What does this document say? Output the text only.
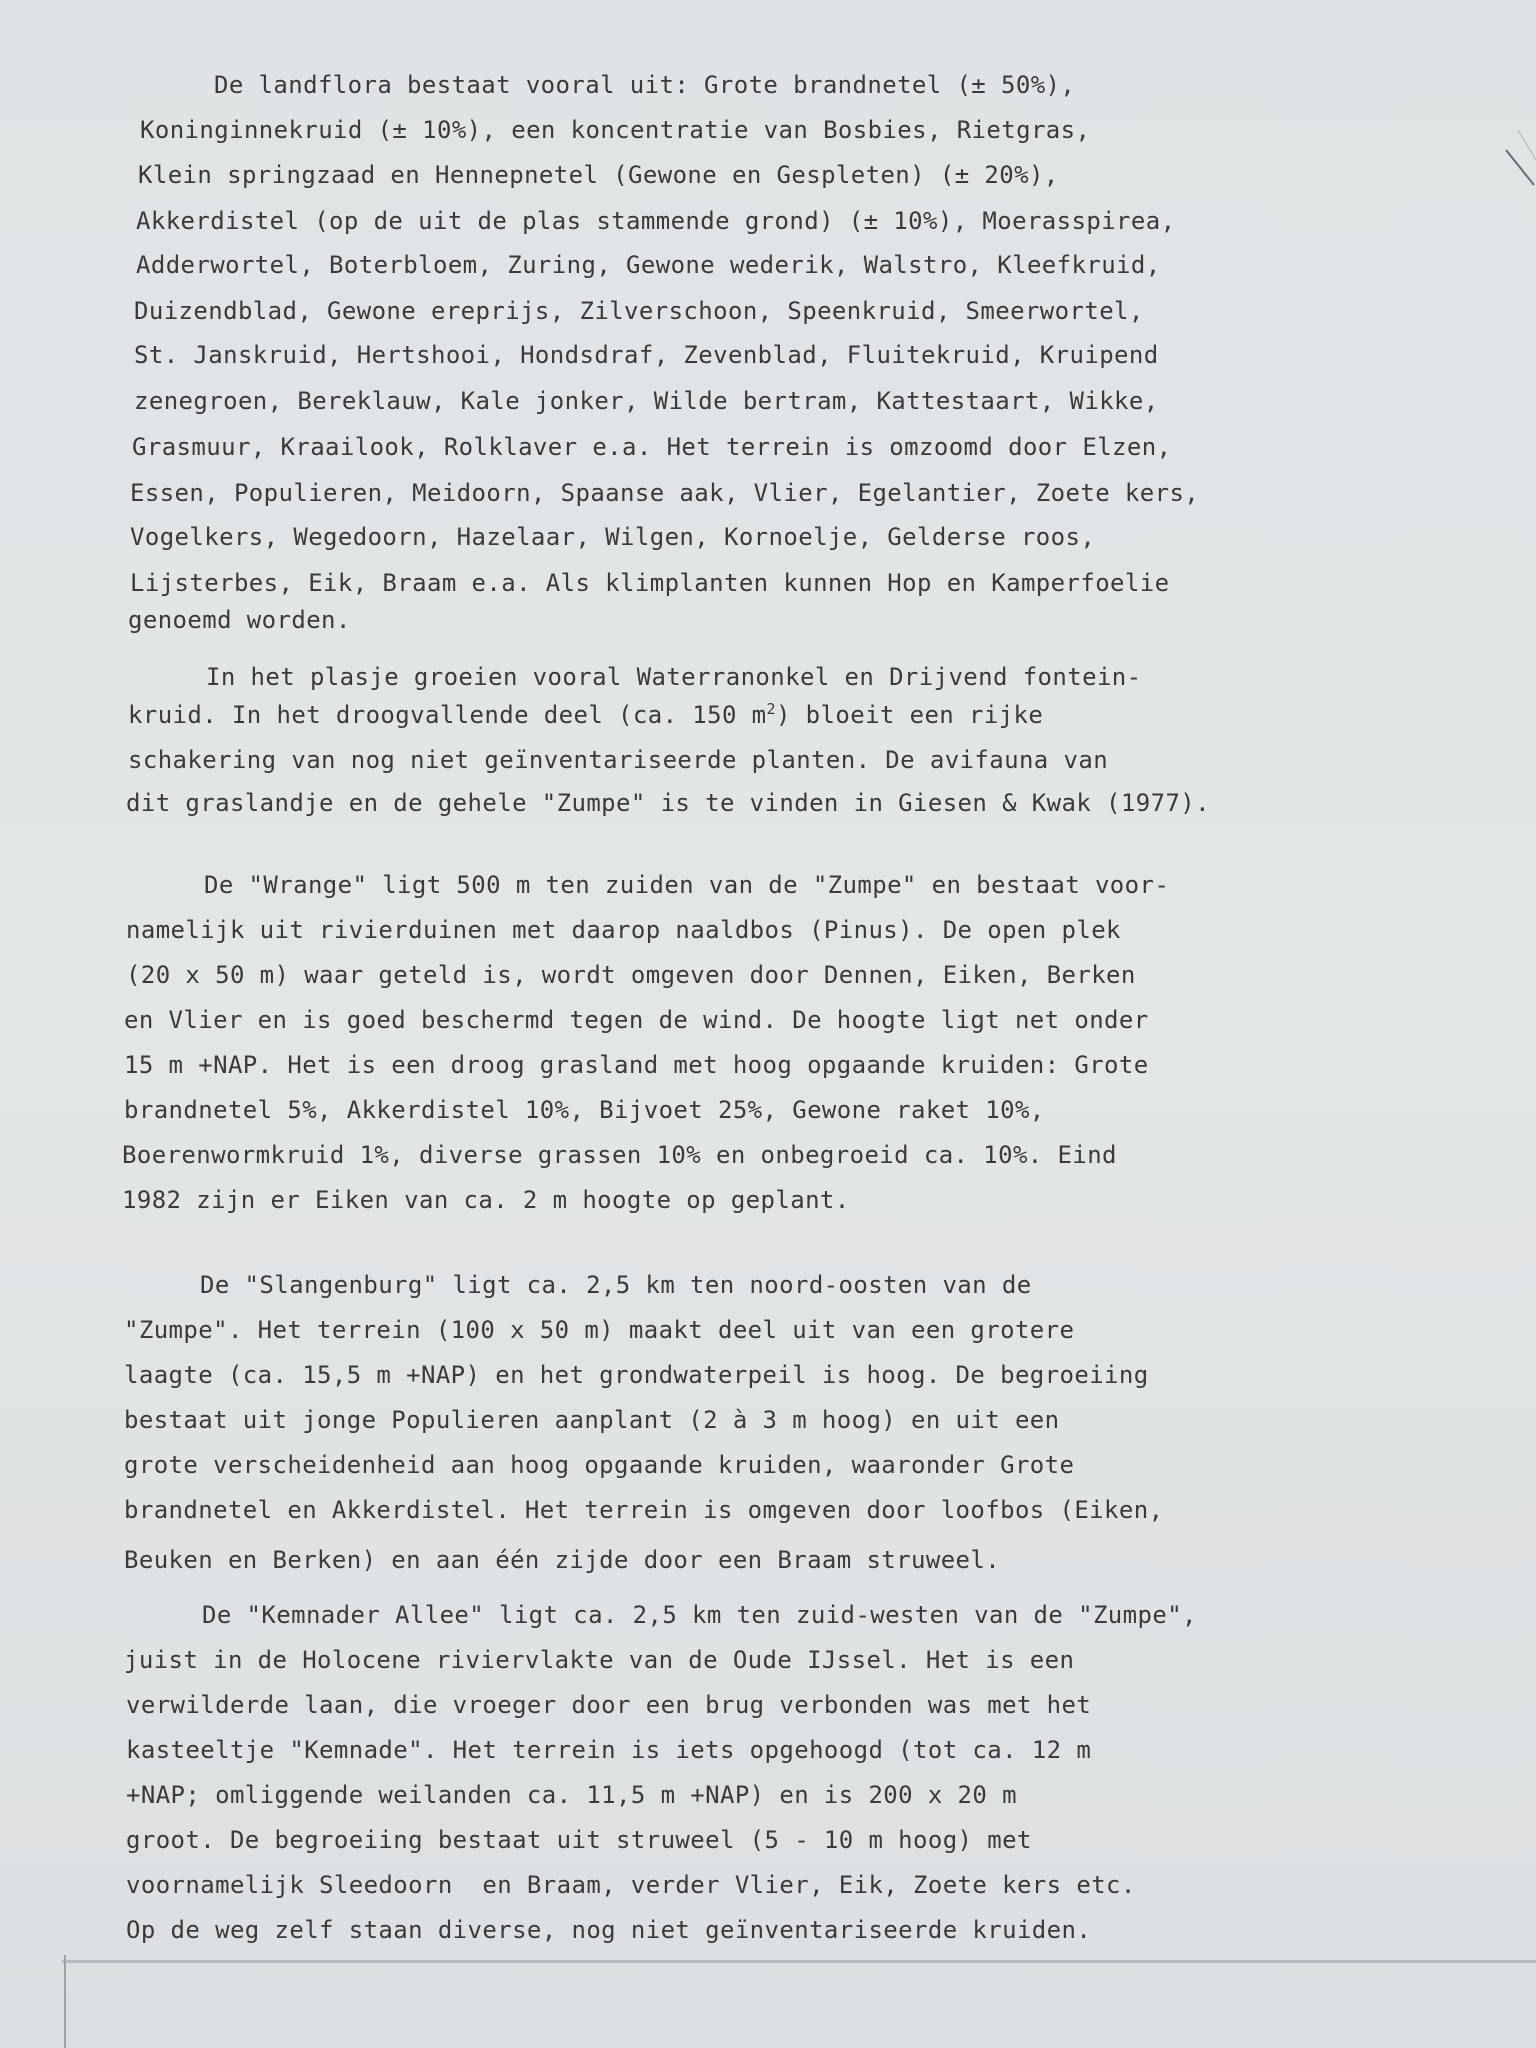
De landflora bestaat vooral uit: Grote brandnetel (± 50%),
Koninginnekruid (± 10%), een koncentratie van Bosbies, Rietgras,
Klein springzaad en Hennepnetel (Gewone en Gespleten) (± 20%),
Akkerdistel (op de uit de plas stammende grond) (± 10%), Moerasspirea,
Adderwortel, Boterbloem, Zuring, Gewone wederik, Walstro, Kleefkruid,
Duizendblad, Gewone ereprijs, Zilverschoon, Speenkruid, Smeerwortel,
St. Janskruid, Hertshooi, Hondsdraf, Zevenblad, Fluitekruid, Kruipend
zenegroen, Bereklauw, Kale jonker, Wilde bertram, Kattestaart, Wikke,
Grasmuur, Kraailook, Rolklaver e.a. Het terrein is omzoomd door Elzen,
Essen, Populieren, Meidoorn, Spaanse aak, Vlier, Egelantier, Zoete kers,
Vogelkers, Wegedoorn, Hazelaar, Wilgen, Kornoelje, Gelderse roos,
Lijsterbes, Eik, Braam e.a. Als klimplanten kunnen Hop en Kamperfoelie
genoemd worden.
In het plasje groeien vooral Waterranonkel en Drijvend fontein-
kruid. In het droogvallende deel (ca. 150 $m^2$) bloeit een rijke
schakering van nog niet geïnventariseerde planten. De avifauna van
dit graslandje en de gehele "Zumpe" is te vinden in Giesen & Kwak (1977).
De "Wrange" ligt 500 m ten zuiden van de "Zumpe" en bestaat voor-
namelijk uit rivierduinen met daarop naaldbos (Pinus). De open plek
(20 x 50 m) waar geteld is, wordt omgeven door Dennen, Eiken, Berken
en Vlier en is goed beschermd tegen de wind. De hoogte ligt net onder
15 m +NAP. Het is een droog grasland met hoog opgaande kruiden: Grote
brandnetel 5%, Akkerdistel 10%, Bijvoet 25%, Gewone raket 10%,
Boerenwormkruid 1%, diverse grassen 10% en onbegroeid ca. 10%. Eind
1982 zijn er Eiken van ca. 2 m hoogte op geplant.
De "Slangenburg" ligt ca. 2,5 km ten noord-oosten van de
"Zumpe". Het terrein (100 x 50 m) maakt deel uit van een grotere
laagte (ca. 15,5 m +NAP) en het grondwaterpeil is hoog. De begroeiing
bestaat uit jonge Populieren aanplant (2 à 3 m hoog) en uit een
grote verscheidenheid aan hoog opgaande kruiden, waaronder Grote
brandnetel en Akkerdistel. Het terrein is omgeven door loofbos (Eiken,
Beuken en Berken) en aan één zijde door een Braam struweel.
De "Kemnader Allee" ligt ca. 2,5 km ten zuid-westen van de "Zumpe",
juist in de Holocene riviervlakte van de Oude IJssel. Het is een
verwilderde laan, die vroeger door een brug verbonden was met het
kasteeltje "Kemnade". Het terrein is iets opgehoogd (tot ca. 12 m
+NAP; omliggende weilanden ca. 11,5 m +NAP) en is 200 x 20 m
groot. De begroeiing bestaat uit struweel (5 - 10 m hoog) met
voornamelijk Sleedoorn  en Braam, verder Vlier, Eik, Zoete kers etc.
Op de weg zelf staan diverse, nog niet geïnventariseerde kruiden.
